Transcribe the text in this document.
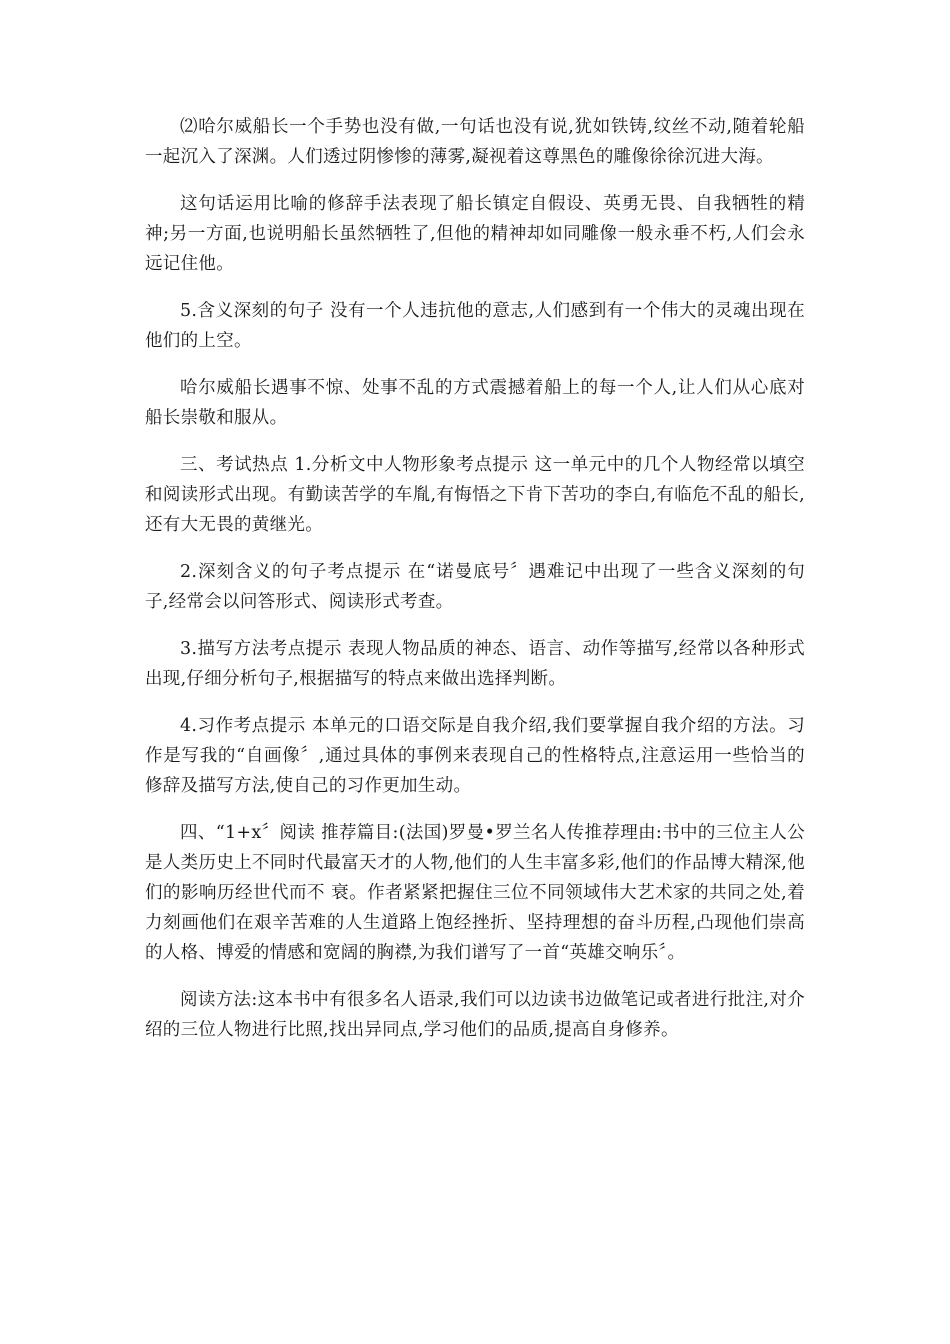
⑵哈尔威船长一个手势也没有做,一句话也没有说,犹如铁铸,纹丝不动,随着轮船一起沉入了深渊。人们透过阴惨惨的薄雾,凝视着这尊黑色的雕像徐徐沉进大海。

这句话运用比喻的修辞手法表现了船长镇定自假设、英勇无畏、自我牺牲的精神;另一方面,也说明船长虽然牺牲了,但他的精神却如同雕像一般永垂不朽,人们会永远记住他。

5.含义深刻的句子 没有一个人违抗他的意志,人们感到有一个伟大的灵魂出现在他们的上空。

哈尔威船长遇事不惊、处事不乱的方式震撼着船上的每一个人,让人们从心底对船长崇敬和服从。

三、考试热点 1.分析文中人物形象考点提示 这一单元中的几个人物经常以填空和阅读形式出现。有勤读苦学的车胤,有悔悟之下肯下苦功的李白,有临危不乱的船长,还有大无畏的黄继光。

2.深刻含义的句子考点提示 在“诺曼底号〞遇难记中出现了一些含义深刻的句子,经常会以问答形式、阅读形式考查。

3.描写方法考点提示 表现人物品质的神态、语言、动作等描写,经常以各种形式出现,仔细分析句子,根据描写的特点来做出选择判断。

4.习作考点提示 本单元的口语交际是自我介绍,我们要掌握自我介绍的方法。习作是写我的“自画像〞,通过具体的事例来表现自己的性格特点,注意运用一些恰当的修辞及描写方法,使自己的习作更加生动。

四、“1+x〞阅读 推荐篇目:(法国)罗曼•罗兰名人传推荐理由:书中的三位主人公是人类历史上不同时代最富天才的人物,他们的人生丰富多彩,他们的作品博大精深,他们的影响历经世代而不 衰。作者紧紧把握住三位不同领域伟大艺术家的共同之处,着力刻画他们在艰辛苦难的人生道路上饱经挫折、坚持理想的奋斗历程,凸现他们崇高的人格、博爱的情感和宽阔的胸襟,为我们谱写了一首“英雄交响乐〞。

阅读方法:这本书中有很多名人语录,我们可以边读书边做笔记或者进行批注,对介绍的三位人物进行比照,找出异同点,学习他们的品质,提高自身修养。
